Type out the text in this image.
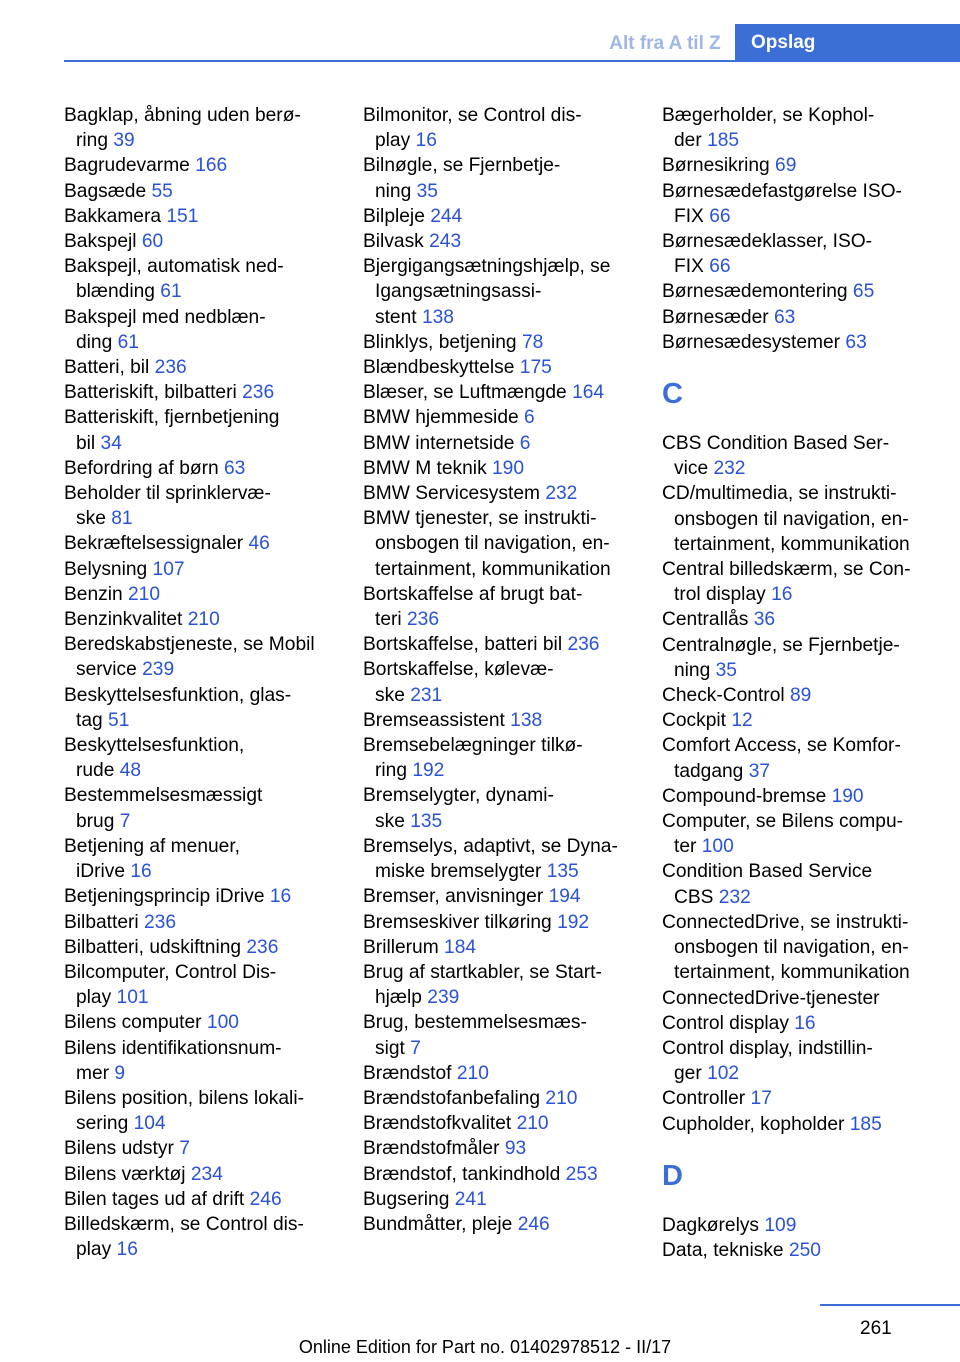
Alt fra A til Z	Opslag

Bagklap, åbning uden berø-
ring 39

Bagrudevarme 166

Bagsæde 55

Bakkamera 151

Bakspejl 60

Bakspejl, automatisk ned-
blænding 61

Bakspejl med nedblæn-
ding 61

Batteri, bil 236

Batteriskift, bilbatteri 236

Batteriskift, fjernbetjening
bil 34

Befordring af børn 63

Beholder til sprinklervæ-
ske 81

Bekræftelsessignaler 46

Belysning 107

Benzin 210

Benzinkvalitet 210

Beredskabstjeneste, se Mobil
service 239

Beskyttelsesfunktion, glas-
tag 51

Beskyttelsesfunktion,
rude 48

Bestemmelsesmæssigt
brug 7

Betjening af menuer,
iDrive 16

Betjeningsprincip iDrive 16

Bilbatteri 236

Bilbatteri, udskiftning 236

Bilcomputer, Control Dis-
play 101

Bilens computer 100

Bilens identifikationsnum-
mer 9

Bilens position, bilens lokali-
sering 104

Bilens udstyr 7

Bilens værktøj 234

Bilen tages ud af drift 246

Billedskærm, se Control dis-
play 16

Bilmonitor, se Control dis-
play 16

Bilnøgle, se Fjernbetje-
ning 35

Bilpleje 244

Bilvask 243

Bjergigangsætningshjælp, se
Igangsætningsassi-
stent 138

Blinklys, betjening 78

Blændbeskyttelse 175

Blæser, se Luftmængde 164

BMW hjemmeside 6

BMW internetside 6

BMW M teknik 190

BMW Servicesystem 232

BMW tjenester, se instrukti-
onsbogen til navigation, en-
tertainment, kommunikation

Bortskaffelse af brugt bat-
teri 236

Bortskaffelse, batteri bil 236

Bortskaffelse, kølevæ-
ske 231

Bremseassistent 138

Bremsebelægninger tilkø-
ring 192

Bremselygter, dynami-
ske 135

Bremselys, adaptivt, se Dyna-
miske bremselygter 135

Bremser, anvisninger 194

Bremseskiver tilkøring 192

Brillerum 184

Brug af startkabler, se Start-
hjælp 239

Brug, bestemmelsesmæs-
sigt 7

Brændstof 210

Brændstofanbefaling 210

Brændstofkvalitet 210

Brændstofmåler 93

Brændstof, tankindhold 253

Bugsering 241

Bundmåtter, pleje 246

Bægerholder, se Kophol-
der 185

Børnesikring 69

Børnesædefastgørelse ISO-
FIX 66

Børnesædeklasser, ISO-
FIX 66

Børnesædemontering 65

Børnesæder 63

Børnesædesystemer 63

C

CBS Condition Based Ser-
vice 232

CD/multimedia, se instrukti-
onsbogen til navigation, en-
tertainment, kommunikation

Central billedskærm, se Con-
trol display 16

Centrallås 36

Centralnøgle, se Fjernbetje-
ning 35

Check-Control 89

Cockpit 12

Comfort Access, se Komfor-
tadgang 37

Compound-bremse 190

Computer, se Bilens compu-
ter 100

Condition Based Service
CBS 232

ConnectedDrive, se instrukti-
onsbogen til navigation, en-
tertainment, kommunikation

ConnectedDrive-tjenester

Control display 16

Control display, indstillin-
ger 102

Controller 17

Cupholder, kopholder 185

D

Dagkørelys 109

Data, tekniske 250

261
Online Edition for Part no. 01402978512 - II/17
